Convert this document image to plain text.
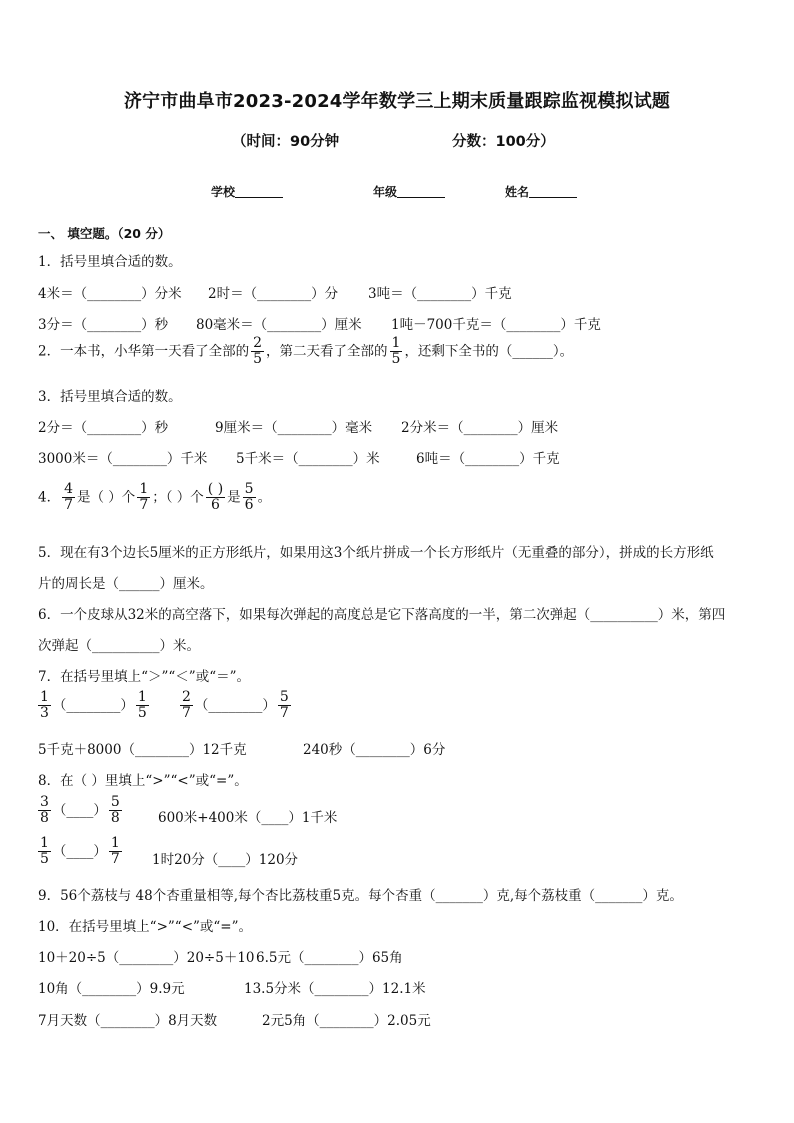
济宁市曲阜市2023-2024学年数学三上期末质量跟踪监视模拟试题
（时间：90分钟	分数：100分）
学校	年级	姓名
一、 填空题。（20 分）
1．括号里填合适的数。
4米＝（________）分米 2时＝（________）分 3吨＝（________）千克
3分＝（________）秒 80毫米＝（________）厘米 1吨－700千克＝（________）千克
2．一本书，小华第一天看了全部的 $\frac{2}{5}$ ，第二天看了全部的 $\frac{1}{5}$ ，还剩下全书的（______）。
3．括号里填合适的数。
2分＝（________）秒	9厘米＝（________）毫米 2分米＝（________）厘米
3000米＝（________）千米 5千米＝（________）米	6吨＝（________）千克
4． $\frac{4}{7}$ 是（ ）个 $\frac{1}{7}$ ；（ ）个 $\frac{( )}{6}$ 是 $\frac{5}{6}$ 。
5．现在有3个边长5厘米的正方形纸片，如果用这3个纸片拼成一个长方形纸片（无重叠的部分），拼成的长方形纸
片的周长是（______）厘米。
6．一个皮球从32米的高空落下，如果每次弹起的高度总是它下落高度的一半，第二次弹起（__________）米，第四
次弹起（__________）米。
7．在括号里填上“＞”“＜”或“＝”。
$\frac{1}{3}$ （________） $\frac{1}{5} \frac{2}{7}$ （________） $\frac{5}{7}$
5千克＋8000（________）12千克	240秒（________）6分
8．在（ ）里填上“>”“<”或“=”。
$\frac{3}{8}$ （____） $\frac{5}{8}$	600米+400米（____）1千米
$\frac{1}{5}$ （____） $\frac{1}{7} 1$时20分（____）120分
9．56个荔枝与 48个杏重量相等,每个杏比荔枝重5克。每个杏重（_______）克,每个荔枝重（_______）克。
10．在括号里填上“>”“<”或“=”。
10＋20÷5（________）20÷5＋10 6.5元（________）65角
10角（________）9.9元	13.5分米（________）12.1米
7月天数（________）8月天数	2元5角（________）2.05元
